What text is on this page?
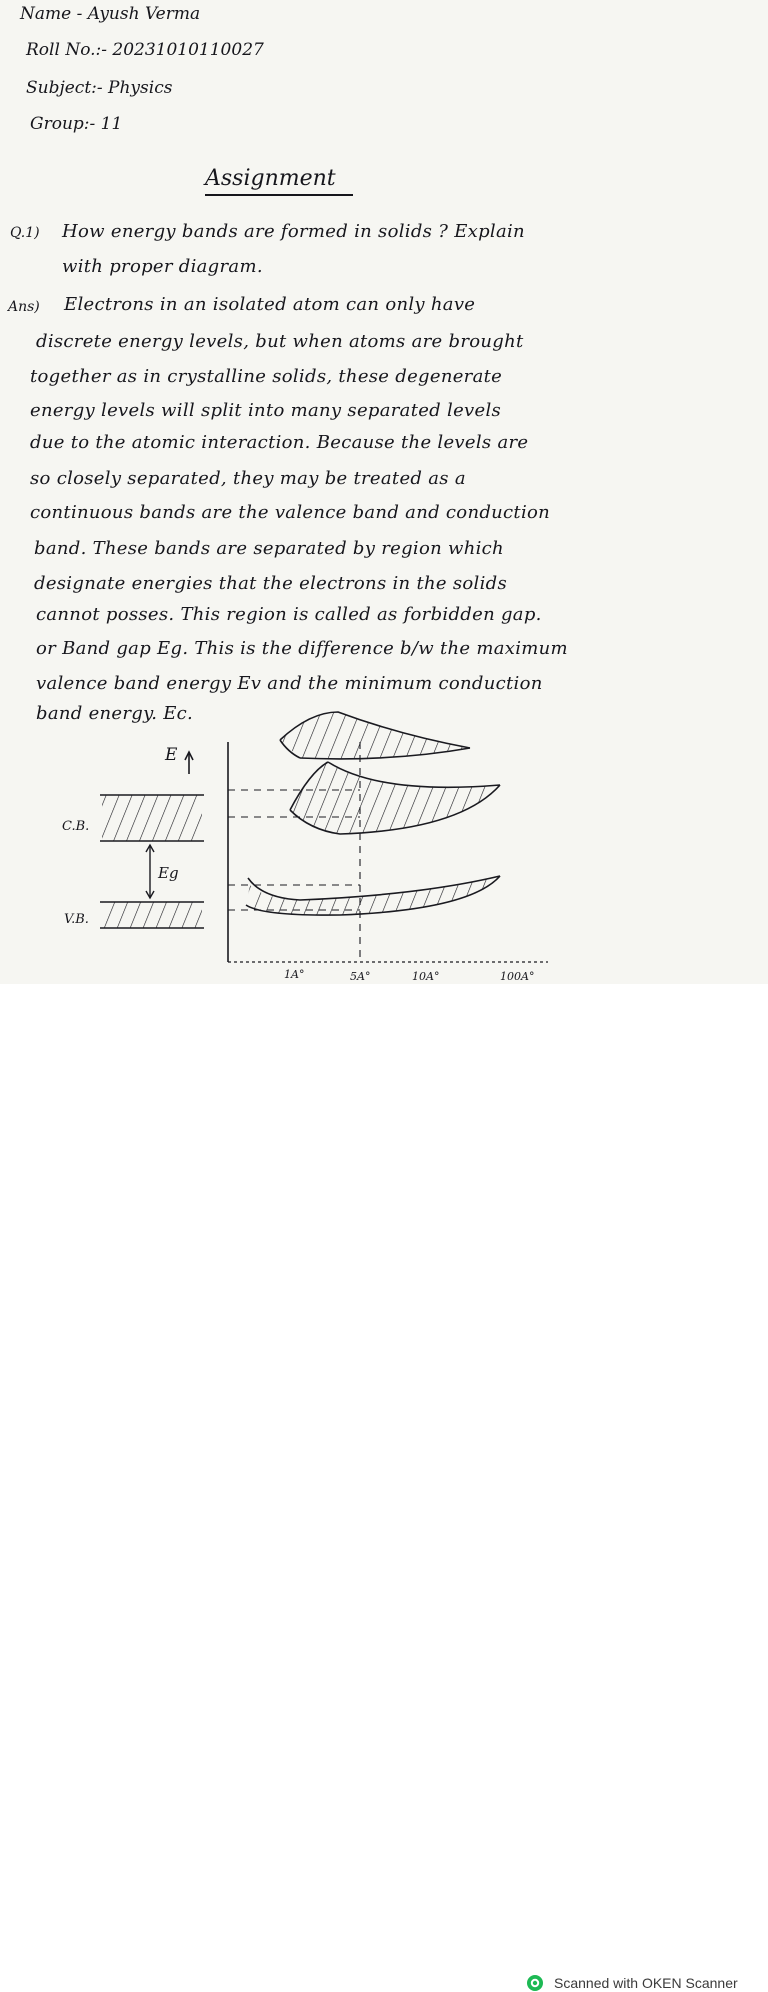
Name - Ayush Verma

Roll No.:- 20231010110027

Subject:- Physics

Group:- 11

Assignment

Q.1) How energy bands are formed in solids ? Explain

with proper diagram.

Ans) Electrons in an isolated atom can only have

discrete energy levels, but when atoms are brought

together as in crystalline solids, these degenerate

energy levels will split into many separated levels

due to the atomic interaction. Because the levels are

so closely separated, they may be treated as a

continuous bands are the valence band and conduction

band. These bands are separated by region which

designate energies that the electrons in the solids

cannot posses. This region is called as forbidden gap.

or Band gap Eg. This is the difference b/w the maximum

valence band energy Ev and the minimum conduction

band energy. Ec.

E
C.B.
Eg
V.B.
1A°	5A°	10A°	100A°
Scanned with OKEN Scanner
